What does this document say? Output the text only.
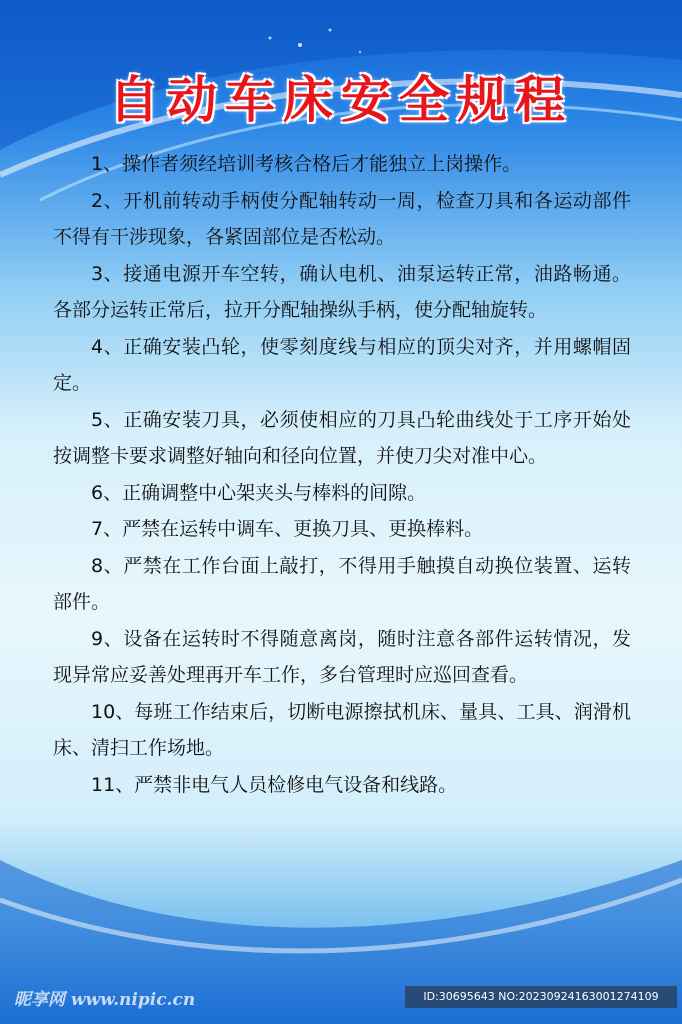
自动车床安全规程
1、操作者须经培训考核合格后才能独立上岗操作。
2、开机前转动手柄使分配轴转动一周，检查刀具和各运动部件不得有干涉现象，各紧固部位是否松动。
3、接通电源开车空转，确认电机、油泵运转正常，油路畅通。各部分运转正常后，拉开分配轴操纵手柄，使分配轴旋转。
4、正确安装凸轮，使零刻度线与相应的顶尖对齐，并用螺帽固定。
5、正确安装刀具，必须使相应的刀具凸轮曲线处于工序开始处按调整卡要求调整好轴向和径向位置，并使刀尖对准中心。
6、正确调整中心架夹头与棒料的间隙。
7、严禁在运转中调车、更换刀具、更换棒料。
8、严禁在工作台面上敲打，不得用手触摸自动换位装置、运转部件。
9、设备在运转时不得随意离岗，随时注意各部件运转情况，发现异常应妥善处理再开车工作，多台管理时应巡回查看。
10、每班工作结束后，切断电源擦拭机床、量具、工具、润滑机床、清扫工作场地。
11、严禁非电气人员检修电气设备和线路。
昵享网 www.nipic.cn	ID:30695643 NO:20230924163001274109
